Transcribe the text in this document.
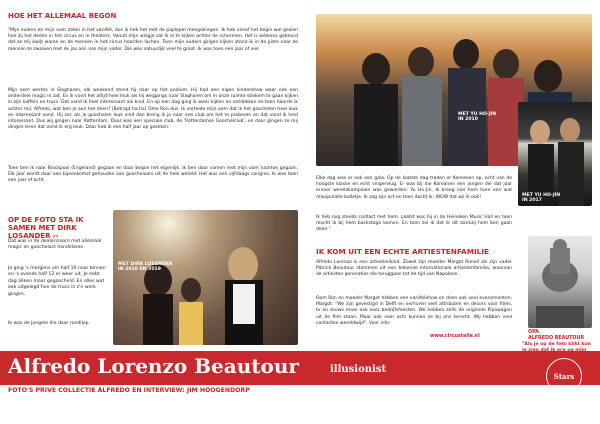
HOE HET ALLEMAAL BEGON
"Mijn ouders en mijn oom zaten in het variété, dus ik heb het met de paplepel meegekregen. Ik heb vanaf het begin wel gezien hoe zij het deden in het circus en in theaters. Vanuit mijn wiegje zat ik al te kijken achter de schermen. Het is wéleens gebeurd dat ze mij kwijt waren en de mensen in het circus hoorden lachen. Toen mijn ouders gingen kijken stond ik in de piste naar de mensen te zwaaien met de jas aan van mijn vader. Die was natuurlijk veel te groot. Ik was toen een jaar of vier.
Mijn oom werkte in Slagharen, elk weekend stond hij daar op het podium. Hij had een eigen kindershow waar ook een onderdeel magic in zat. En ik vond het altijd heel leuk als hij weggings naar Slagharen om in onze ruimte stiekem te gaan kijken in zijn koffers en trucs. Dat vond ik heel interessant als kind. En op een dag ging ik weer kijken en ontdekken en toen hoorde ik achter mij: Alfredo, wat ben je aan het doen? (Betrapt ha,ha) Ome Ron dus. Ik vertelde mijn oom dat ik het goochelen heel leuk en interessant vond. Hij zei: als je goochelen leuk vind dan breng ik je naar een club om het te proberen en dat vond ik heel interessant. Dus wij gingen naar Rotterdam. Daar was een speciale club, de 'Rotterdamse Goochelclub', en daar gingen ze mij dingen leren dat vond ik erg leuk. Daar heb ik een half jaar op gezeten.
Toen ben ik naar Blackpool (Engeland) gegaan en daar begon het eigenlijk. Ik ben daar samen met mijn oom naartoe gegaan. Elk jaar wordt daar een bijeenkomst gehouden van goochelaars uit de hele wereld. Het was een vijfdaags congres. Ik was toen een jaar of acht.
OP DE FOTO STA IK SAMEN MET DIRK LOSANDER ››
Dat was in de dealersroom met allemaal magic en goochelact handelaren.
Je ging 's morgens om half 10 naar binnen en 's avonds half 12 er weer uit. Je hebt dag alleen maar gegoocheld. En alles wat ook uitgelegd hoe de trucs in z'n werk gingen.
Ik was de jongste die daar rondliep.
MET DIRK LOSANDER
IN 2010 EN 2019
MET YU HO-JIN
IN 2010
MET YU HO-JIN
IN 2017
Elke dag was er ook een gala. Op de laatste dag traden er Koreanen op, echt van de hoogste klasse en echt vingervlug. Er was bij die Koreanen een jongen die dat jaar ervoor wereldkampioen was geworden: Yu Ho-Jin. Ik kreeg van hem toen een wat manipulatie balletje. Ik zag zijn act en toen dacht ik: WOW dat wil ik ook!
Ik heb nog steeds contact met hem. Laatst was hij in de Heineken Music Hall en toen mocht ik bij hem backstage komen. En toen zei ik dat ik dit dankzij hem ben gaan doen."
IK KOM UIT EEN ECHTE ARTIESTENFAMILIE
Alfredo Lorenzo is een artiestenkind. Zowel zijn moeder Margot Ronell als zijn vader Patrick Beautour stammen uit een bekende internationale artiestenfamilie, waarvan de artiesten generaties die teruggaan tot de tijd van Napoleon.
Oom Ron en moeder Margot hebben een variétéshow en doen ook veel evenementen. Margot: "We zijn gevestigd in Delft en verhuren veel attributen en decors voor films, tv en shows maar ook voor bedrijfsfeesten. We hebben zelfs de originele Pipowagen uit de film staan. Maar ook voor acts kunnen ze bij ons terecht. Wij hebben veel contacten wereldwijd". Voor info:
www.circusteile.nl
OPA
ALFREDO BEAUTOUR
"Als je op de foto klikt kun
Alfredo Lorenzo Beautour	illusionist
Stars
FOTO'S PRIVE COLLECTIE ALFREDO EN INTERVIEW: JIM HOOGENDORP
